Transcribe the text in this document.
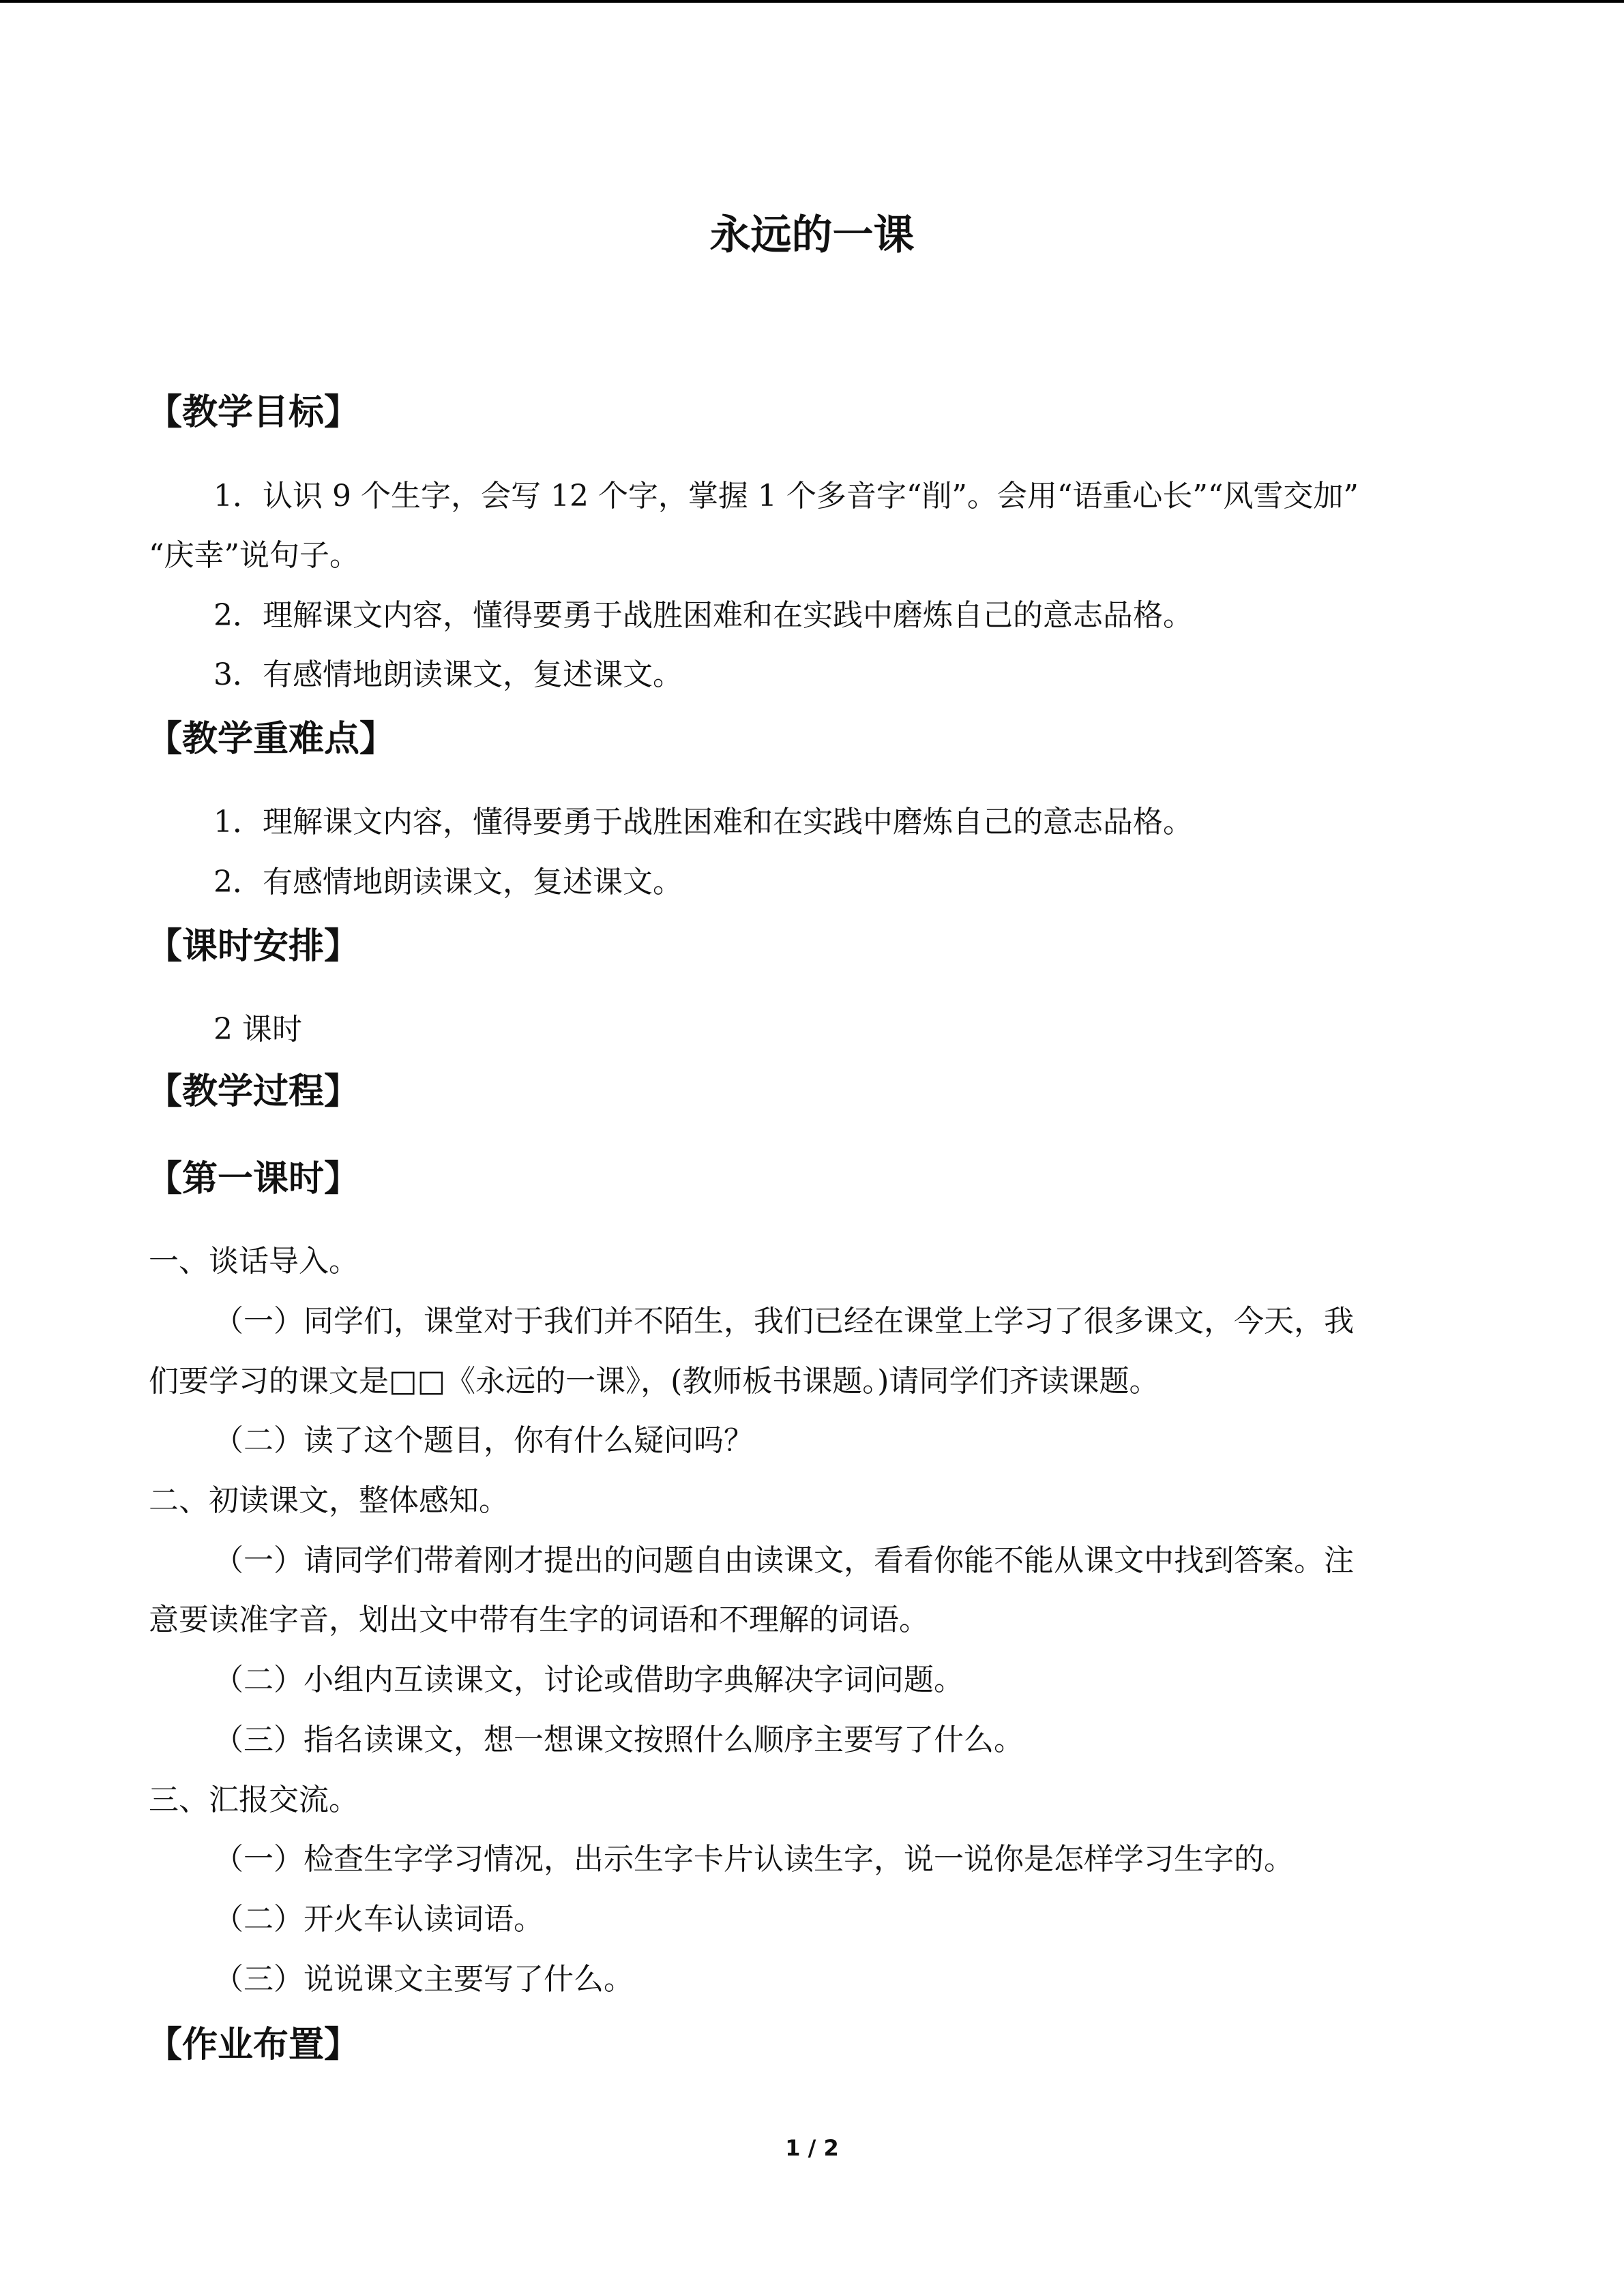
永远的一课
【教学目标】
1．认识 9 个生字，会写 12 个字，掌握 1 个多音字“削”。会用“语重心长”“风雪交加”
“庆幸”说句子。
2．理解课文内容，懂得要勇于战胜困难和在实践中磨炼自己的意志品格。
3．有感情地朗读课文，复述课文。
【教学重难点】
1．理解课文内容，懂得要勇于战胜困难和在实践中磨炼自己的意志品格。
2．有感情地朗读课文，复述课文。
【课时安排】
2 课时
【教学过程】
【第一课时】
一、谈话导入。
（一）同学们，课堂对于我们并不陌生，我们已经在课堂上学习了很多课文，今天，我
们要学习的课文是□□《永远的一课》，(教师板书课题。)请同学们齐读课题。
（二）读了这个题目，你有什么疑问吗？
二、初读课文，整体感知。
（一）请同学们带着刚才提出的问题自由读课文，看看你能不能从课文中找到答案。注
意要读准字音，划出文中带有生字的词语和不理解的词语。
（二）小组内互读课文，讨论或借助字典解决字词问题。
（三）指名读课文，想一想课文按照什么顺序主要写了什么。
三、汇报交流。
（一）检查生字学习情况，出示生字卡片认读生字，说一说你是怎样学习生字的。
（二）开火车认读词语。
（三）说说课文主要写了什么。
【作业布置】
1 / 2
